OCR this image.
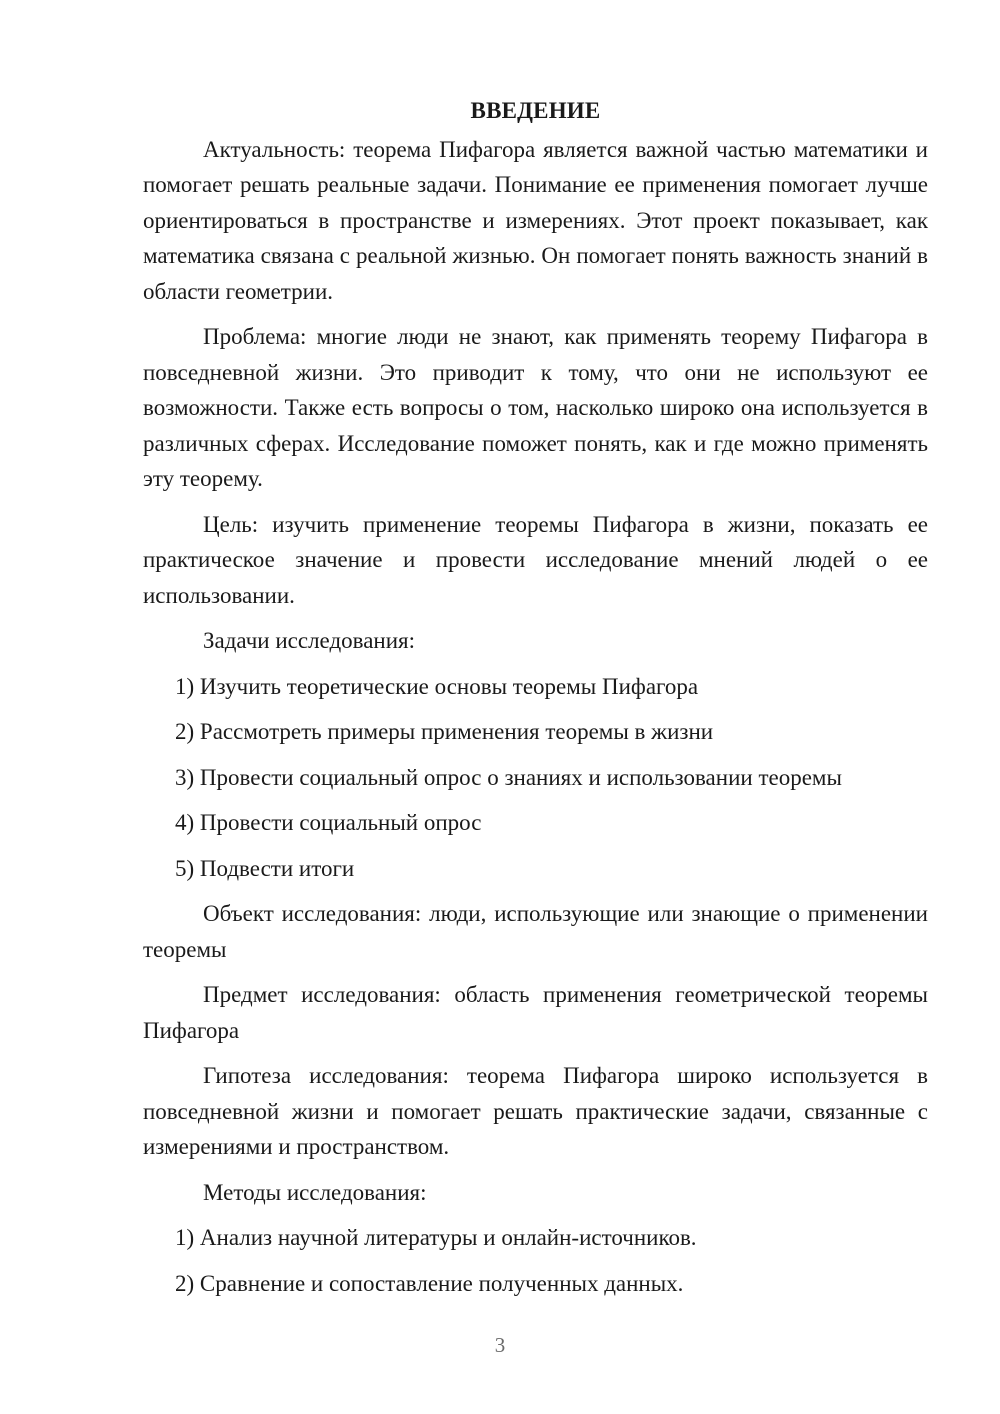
ВВЕДЕНИЕ

Актуальность: теорема Пифагора является важной частью математики и помогает решать реальные задачи. Понимание ее применения помогает лучше ориентироваться в пространстве и измерениях. Этот проект показывает, как математика связана с реальной жизнью. Он помогает понять важность знаний в области геометрии.

Проблема: многие люди не знают, как применять теорему Пифагора в повседневной жизни. Это приводит к тому, что они не используют ее возможности. Также есть вопросы о том, насколько широко она используется в различных сферах. Исследование поможет понять, как и где можно применять эту теорему.

Цель: изучить применение теоремы Пифагора в жизни, показать ее практическое значение и провести исследование мнений людей о ее использовании.

Задачи исследования:

1) Изучить теоретические основы теоремы Пифагора

2) Рассмотреть примеры применения теоремы в жизни

3) Провести социальный опрос о знаниях и использовании теоремы

4) Провести социальный опрос

5) Подвести итоги

Объект исследования: люди, использующие или знающие о применении теоремы

Предмет исследования: область применения геометрической теоремы Пифагора

Гипотеза исследования: теорема Пифагора широко используется в повседневной жизни и помогает решать практические задачи, связанные с измерениями и пространством.

Методы исследования:

1) Анализ научной литературы и онлайн-источников.

2) Сравнение и сопоставление полученных данных.

3
